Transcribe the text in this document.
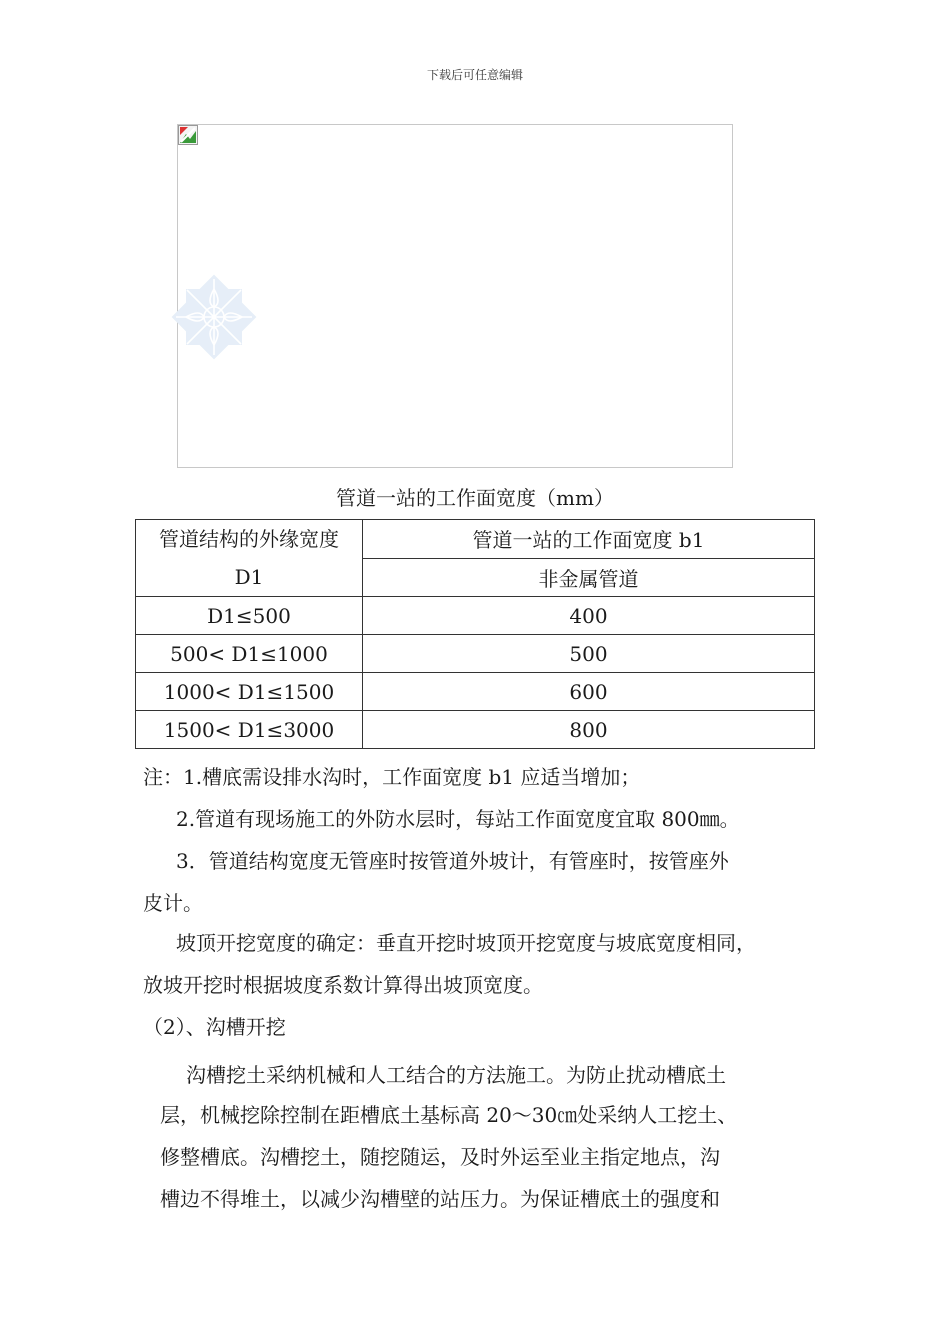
下载后可任意编辑
管道一站的工作面宽度（mm）
管道结构的外缘宽度
D1	管道一站的工作面宽度 b1
	非金属管道
D1≤500	400
500< D1≤1000	500
1000< D1≤1500	600
1500< D1≤3000	800
注：1.槽底需设排水沟时，工作面宽度 b1 应适当增加；
2.管道有现场施工的外防水层时，每站工作面宽度宜取 800㎜。
3．管道结构宽度无管座时按管道外坡计，有管座时，按管座外
皮计。
坡顶开挖宽度的确定：垂直开挖时坡顶开挖宽度与坡底宽度相同，
放坡开挖时根据坡度系数计算得出坡顶宽度。
（2）、沟槽开挖
沟槽挖土采纳机械和人工结合的方法施工。为防止扰动槽底土
层，机械挖除控制在距槽底土基标高 20～30㎝处采纳人工挖土、
修整槽底。沟槽挖土，随挖随运，及时外运至业主指定地点，沟
槽边不得堆土，以减少沟槽壁的站压力。为保证槽底土的强度和
